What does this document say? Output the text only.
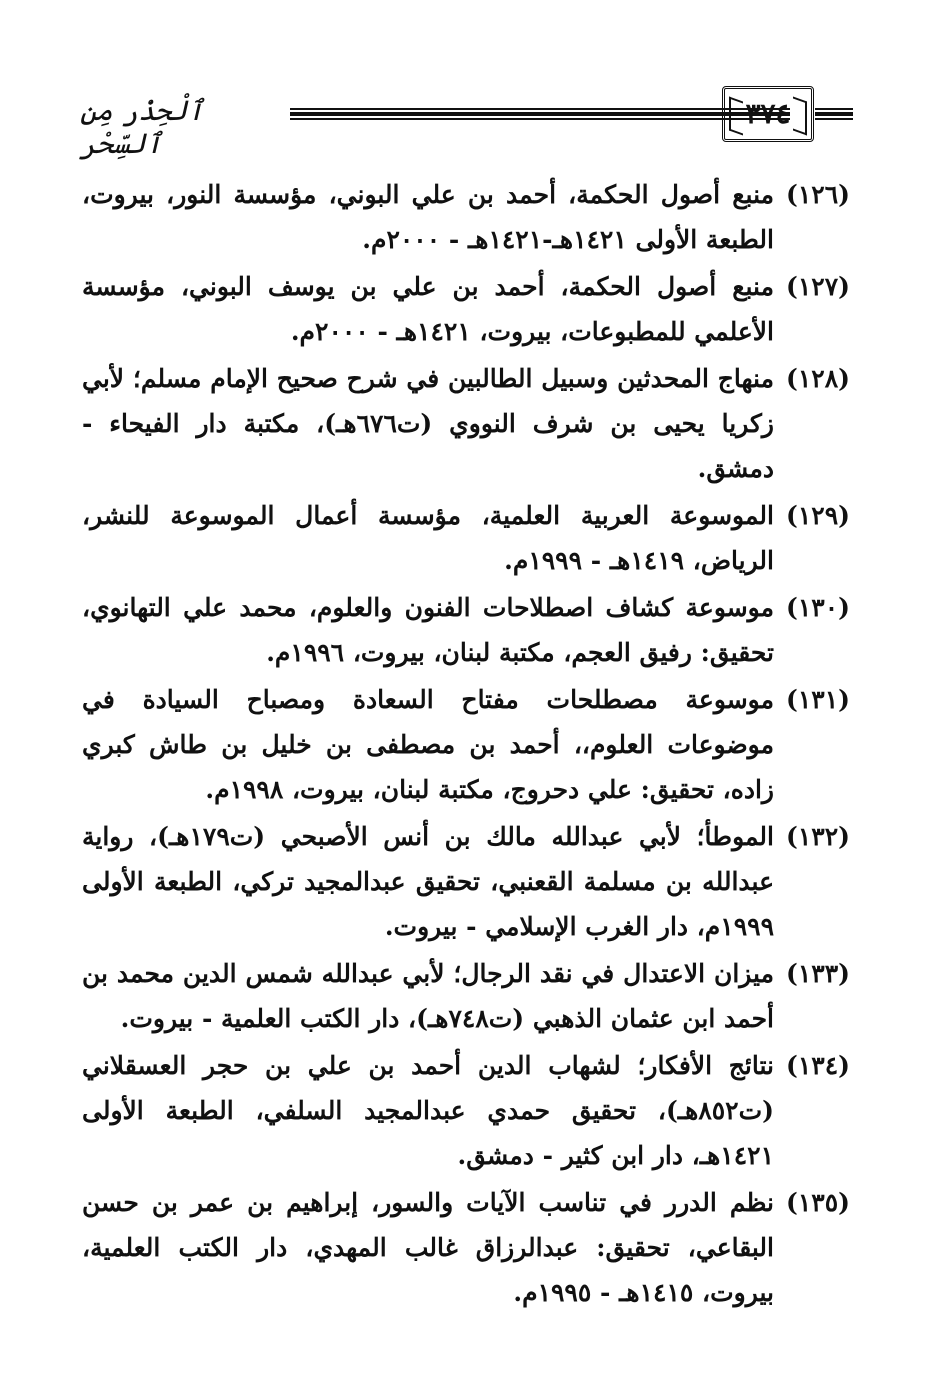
ٱلْحِذْر مِن ٱلسِّحْر
(١٢٦)
منبع أصول الحكمة، أحمد بن علي البوني، مؤسسة النور، بيروت، الطبعة الأولى ١٤٢١هـ-١٤٢١هـ - ٢٠٠٠م.
(١٢٧)
منبع أصول الحكمة، أحمد بن علي بن يوسف البوني، مؤسسة الأعلمي للمطبوعات، بيروت، ١٤٢١هـ - ٢٠٠٠م.
(١٢٨)
منهاج المحدثين وسبيل الطالبين في شرح صحيح الإمام مسلم؛ لأبي زكريا يحيى بن شرف النووي (ت٦٧٦هـ)، مكتبة دار الفيحاء - دمشق.
(١٢٩)
الموسوعة العربية العلمية، مؤسسة أعمال الموسوعة للنشر، الرياض، ١٤١٩هـ - ١٩٩٩م.
(١٣٠)
موسوعة كشاف اصطلاحات الفنون والعلوم، محمد علي التهانوي، تحقيق: رفيق العجم، مكتبة لبنان، بيروت، ١٩٩٦م.
(١٣١)
موسوعة مصطلحات مفتاح السعادة ومصباح السيادة في موضوعات العلوم،، أحمد بن مصطفى بن خليل بن طاش كبري زاده، تحقيق: علي دحروج، مكتبة لبنان، بيروت، ١٩٩٨م.
(١٣٢)
الموطأ؛ لأبي عبدالله مالك بن أنس الأصبحي (ت١٧٩هـ)، رواية عبدالله بن مسلمة القعنبي، تحقيق عبدالمجيد تركي، الطبعة الأولى ١٩٩٩م، دار الغرب الإسلامي - بيروت.
(١٣٣)
ميزان الاعتدال في نقد الرجال؛ لأبي عبدالله شمس الدين محمد بن أحمد ابن عثمان الذهبي (ت٧٤٨هـ)، دار الكتب العلمية - بيروت.
(١٣٤)
نتائج الأفكار؛ لشهاب الدين أحمد بن علي بن حجر العسقلاني (ت٨٥٢هـ)، تحقيق حمدي عبدالمجيد السلفي، الطبعة الأولى ١٤٢١هـ، دار ابن كثير - دمشق.
(١٣٥)
نظم الدرر في تناسب الآيات والسور، إبراهيم بن عمر بن حسن البقاعي، تحقيق: عبدالرزاق غالب المهدي، دار الكتب العلمية، بيروت، ١٤١٥هـ - ١٩٩٥م.
